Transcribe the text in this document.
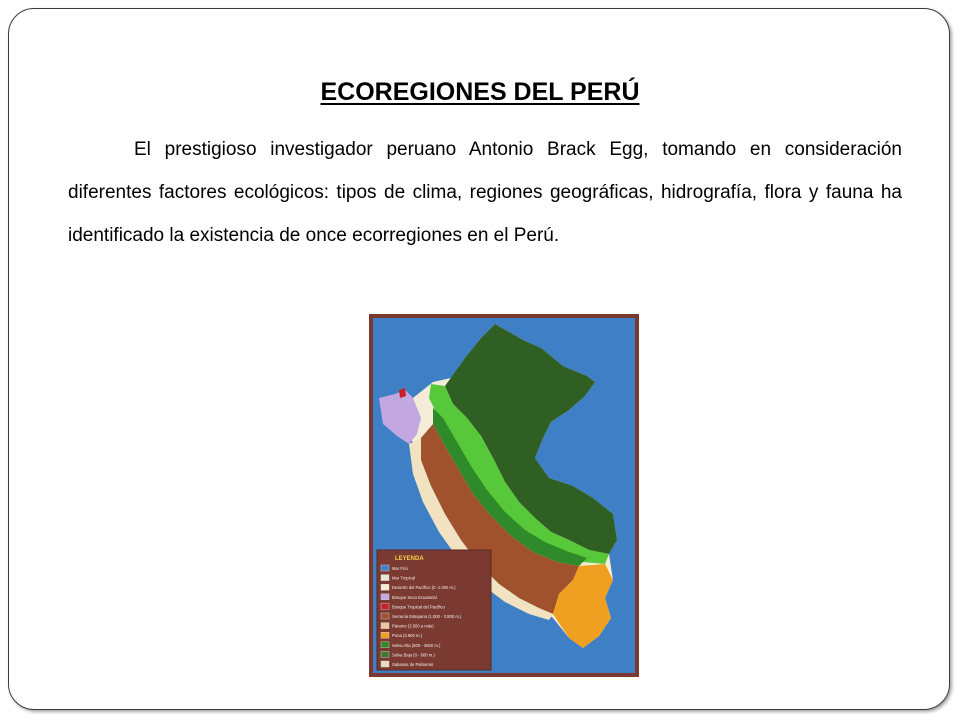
ECOREGIONES DEL PERÚ

El prestigioso investigador peruano Antonio Brack Egg, tomando en consideración diferentes factores ecológicos: tipos de clima, regiones geográficas, hidrografía, flora y fauna ha identificado la existencia de once ecorregiones en el Perú.

LEYENDA
Mar Frío
Mar Tropical
Desierto del Pacífico (0 -1.000 m.)
Bosque Seco Ecuatorial
Bosque Tropical del Pacífico
Serranía Esteparia (1.000 - 3.800 m.)
Páramo (3.500 a más)
Puna (3.800 m.)
Selva Alta (500 - 3500 m.)
Selva Baja (0 - 600 m.)
Sabanas de Palmeras
